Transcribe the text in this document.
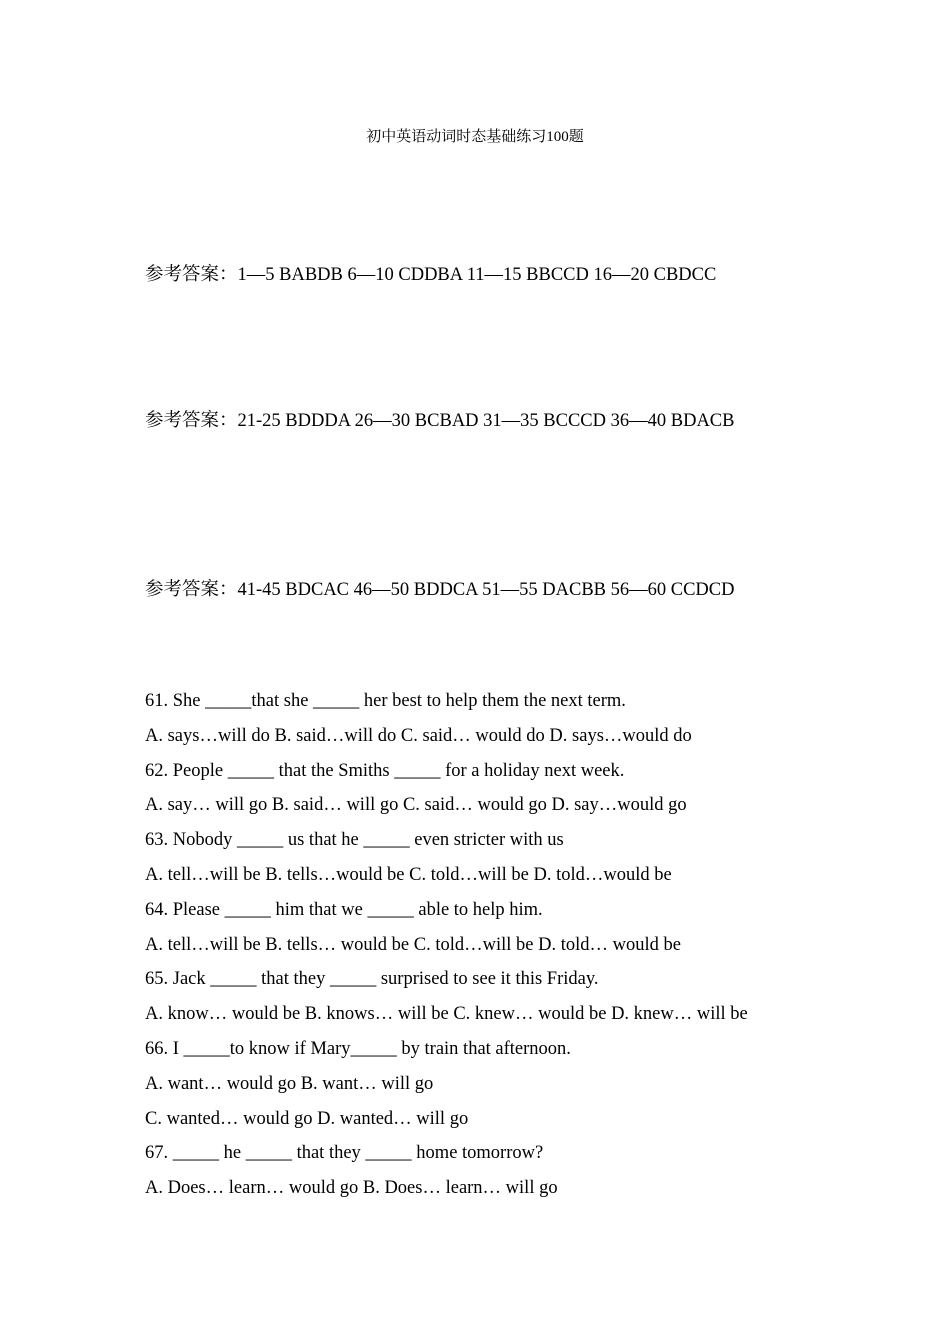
初中英语动词时态基础练习100题
参考答案：1—5 BABDB 6—10 CDDBA 11—15 BBCCD 16—20 CBDCC
参考答案：21-25 BDDDA 26—30 BCBAD 31—35 BCCCD 36—40 BDACB
参考答案：41-45 BDCAC 46—50 BDDCA 51—55 DACBB 56—60 CCDCD
61. She _____that she _____ her best to help them the next term.
A. says…will do B. said…will do C. said… would do D. says…would do
62. People _____ that the Smiths _____ for a holiday next week.
A. say… will go B. said… will go C. said… would go D. say…would go
63. Nobody _____ us that he _____ even stricter with us
A. tell…will be B. tells…would be C. told…will be D. told…would be
64. Please _____ him that we _____ able to help him.
A. tell…will be B. tells… would be C. told…will be D. told… would be
65. Jack _____ that they _____ surprised to see it this Friday.
A. know… would be B. knows… will be C. knew… would be D. knew… will be
66. I _____to know if Mary_____ by train that afternoon.
A. want… would go B. want… will go
C. wanted… would go D. wanted… will go
67. _____ he _____ that they _____ home tomorrow?
A. Does… learn… would go B. Does… learn… will go
